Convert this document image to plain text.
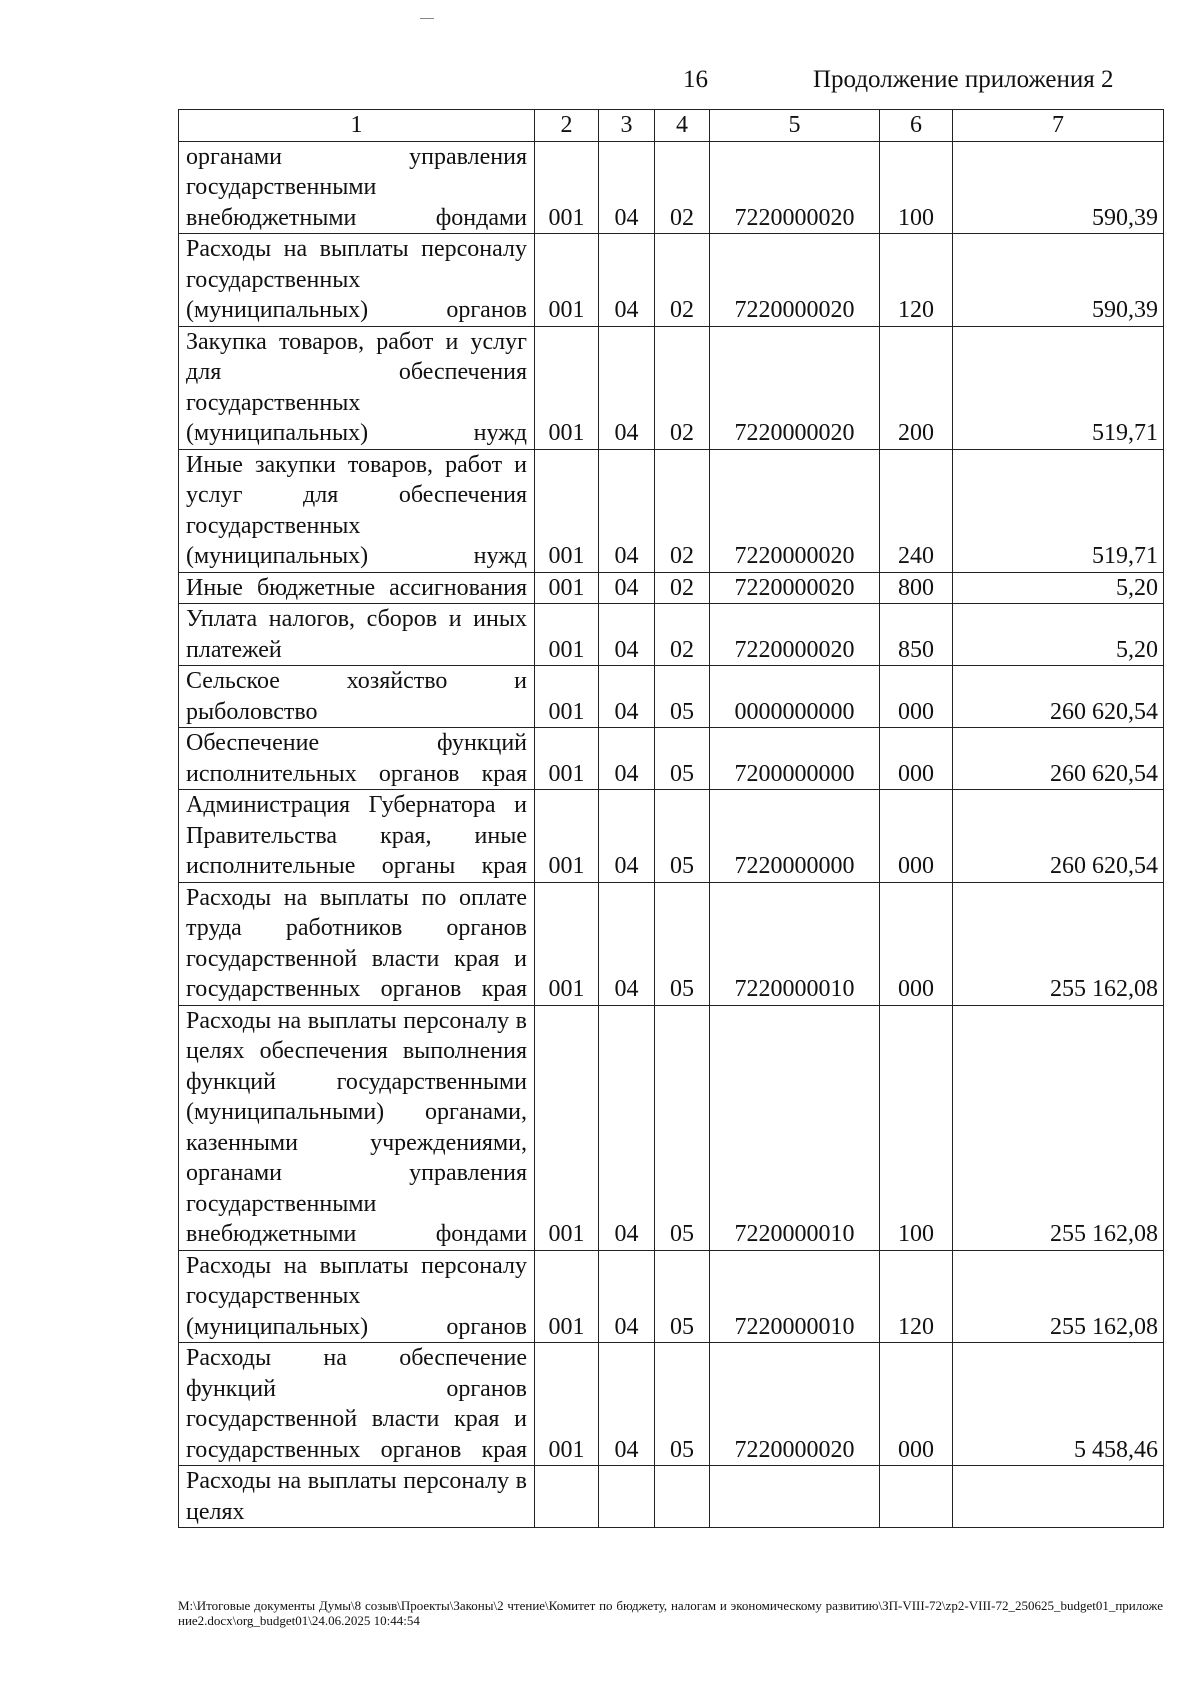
16	Продолжение приложения 2
1	2	3	4	5	6	7
органами управления государственными внебюджетными фондами	001	04	02	7220000020	100	590,39
Расходы на выплаты персоналу государственных (муниципальных) органов	001	04	02	7220000020	120	590,39
Закупка товаров, работ и услуг для обеспечения государственных (муниципальных) нужд	001	04	02	7220000020	200	519,71
Иные закупки товаров, работ и услуг для обеспечения государственных (муниципальных) нужд	001	04	02	7220000020	240	519,71
Иные бюджетные ассигнования	001	04	02	7220000020	800	5,20
Уплата налогов, сборов и иных платежей	001	04	02	7220000020	850	5,20
Сельское хозяйство и рыболовство	001	04	05	0000000000	000	260 620,54
Обеспечение функций исполнительных органов края	001	04	05	7200000000	000	260 620,54
Администрация Губернатора и Правительства края, иные исполнительные органы края	001	04	05	7220000000	000	260 620,54
Расходы на выплаты по оплате труда работников органов государственной власти края и государственных органов края	001	04	05	7220000010	000	255 162,08
Расходы на выплаты персоналу в целях обеспечения выполнения функций государственными (муниципальными) органами, казенными учреждениями, органами управления государственными внебюджетными фондами	001	04	05	7220000010	100	255 162,08
Расходы на выплаты персоналу государственных (муниципальных) органов	001	04	05	7220000010	120	255 162,08
Расходы на обеспечение функций органов государственной власти края и государственных органов края	001	04	05	7220000020	000	5 458,46
Расходы на выплаты персоналу в целях						
M:\Итоговые документы Думы\8 созыв\Проекты\Законы\2 чтение\Комитет по бюджету, налогам и экономическому развитию\ЗП-VIII-72\zp2-VIII-72_250625_budget01_приложение2.docx\org_budget01\24.06.2025 10:44:54
